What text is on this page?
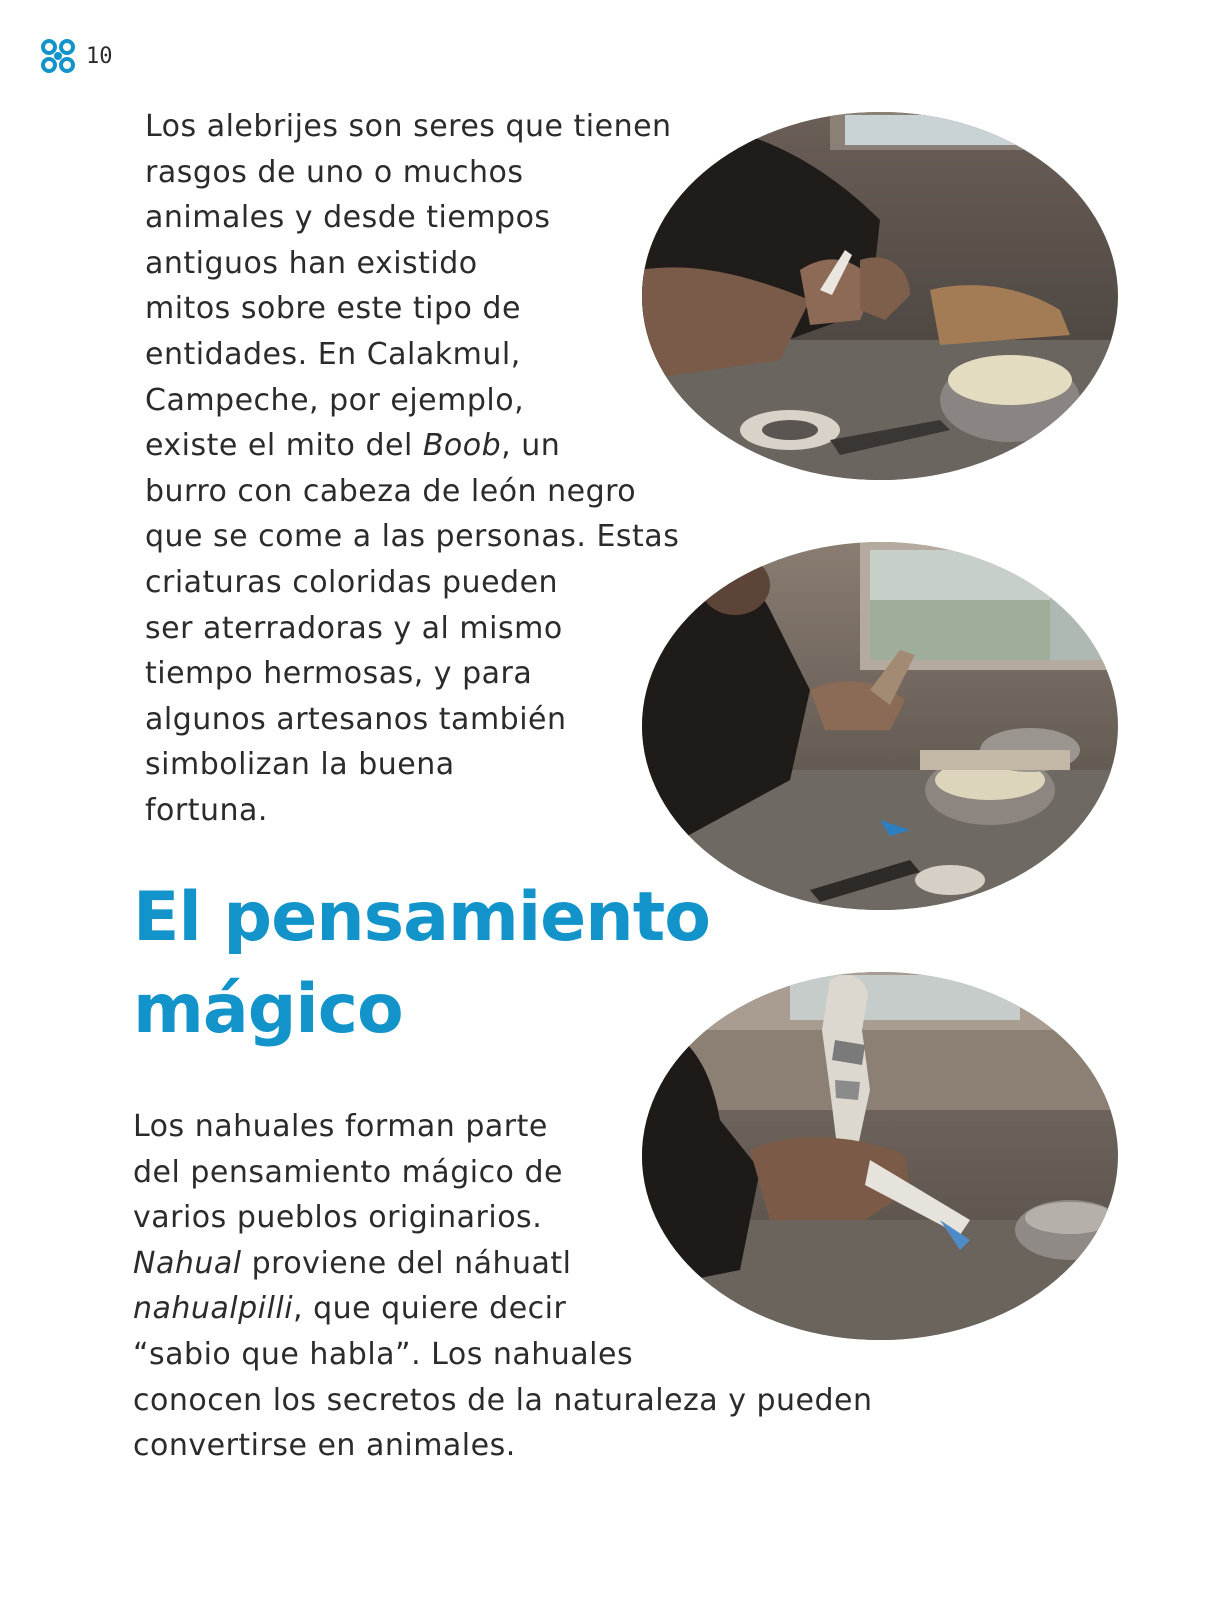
10
Los alebrijes son seres que tienen
rasgos de uno o muchos
animales y desde tiempos
antiguos han existido
mitos sobre este tipo de
entidades. En Calakmul,
Campeche, por ejemplo,
existe el mito del Boob, un
burro con cabeza de león negro
que se come a las personas. Estas
criaturas coloridas pueden
ser aterradoras y al mismo
tiempo hermosas, y para
algunos artesanos también
simbolizan la buena
fortuna.
El pensamiento
mágico
Los nahuales forman parte
del pensamiento mágico de
varios pueblos originarios.
Nahual proviene del náhuatl
nahualpilli, que quiere decir
“sabio que habla”. Los nahuales
conocen los secretos de la naturaleza y pueden
convertirse en animales.
